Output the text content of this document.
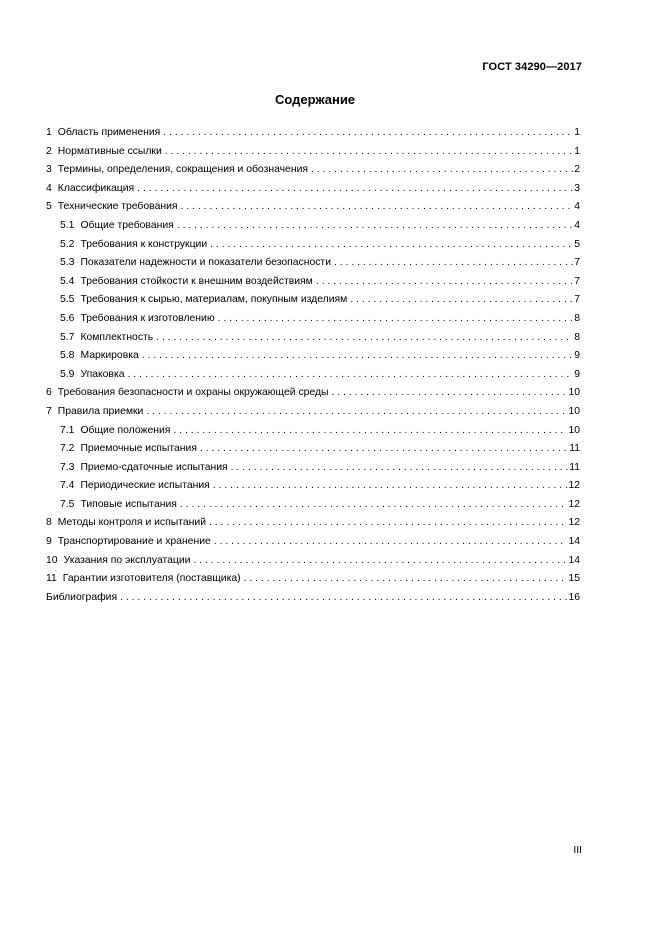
ГОСТ 34290—2017
Содержание
1 Область применения . . .	1
2 Нормативные ссылки . . .	1
3 Термины, определения, сокращения и обозначения . . .	2
4 Классификация . . .	3
5 Технические требования . . .	4
5.1 Общие требования . . .	4
5.2 Требования к конструкции . . .	5
5.3 Показатели надежности и показатели безопасности . . .	7
5.4 Требования стойкости к внешним воздействиям . . .	7
5.5 Требования к сырью, материалам, покупным изделиям . . .	7
5.6 Требования к изготовлению . . .	8
5.7 Комплектность . . .	8
5.8 Маркировка . . .	9
5.9 Упаковка . . .	9
6 Требования безопасности и охраны окружающей среды . . .	10
7 Правила приемки . . .	10
7.1 Общие положения . . .	10
7.2 Приемочные испытания . . .	11
7.3 Приемо-сдаточные испытания . . .	11
7.4 Периодические испытания . . .	12
7.5 Типовые испытания . . .	12
8 Методы контроля и испытаний . . .	12
9 Транспортирование и хранение . . .	14
10 Указания по эксплуатации . . .	14
11 Гарантии изготовителя (поставщика) . . .	15
Библиография . . .	16
III
